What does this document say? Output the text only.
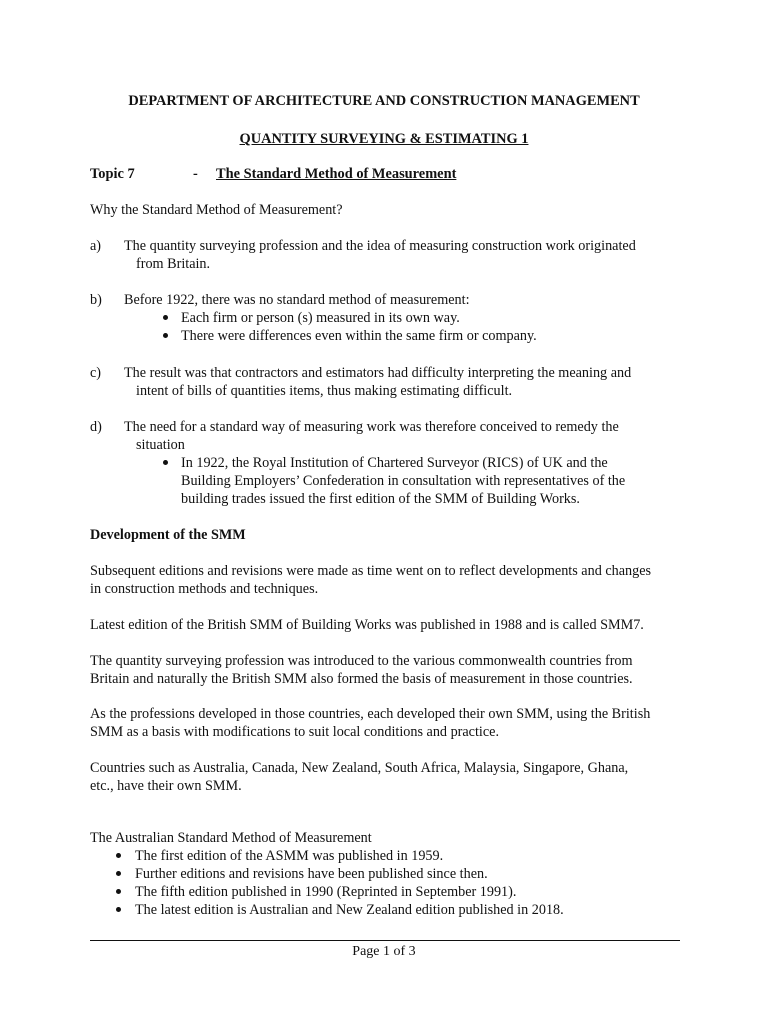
DEPARTMENT OF ARCHITECTURE AND CONSTRUCTION MANAGEMENT
QUANTITY SURVEYING & ESTIMATING 1
Topic 7	- The Standard Method of Measurement
Why the Standard Method of Measurement?
a) The quantity surveying profession and the idea of measuring construction work originated
from Britain.
b) Before 1922, there was no standard method of measurement:
Each firm or person (s) measured in its own way.
There were differences even within the same firm or company.
c) The result was that contractors and estimators had difficulty interpreting the meaning and
intent of bills of quantities items, thus making estimating difficult.
d) The need for a standard way of measuring work was therefore conceived to remedy the
situation
In 1922, the Royal Institution of Chartered Surveyor (RICS) of UK and the
Building Employers’ Confederation in consultation with representatives of the
building trades issued the first edition of the SMM of Building Works.
Development of the SMM
Subsequent editions and revisions were made as time went on to reflect developments and changes
in construction methods and techniques.
Latest edition of the British SMM of Building Works was published in 1988 and is called SMM7.
The quantity surveying profession was introduced to the various commonwealth countries from
Britain and naturally the British SMM also formed the basis of measurement in those countries.
As the professions developed in those countries, each developed their own SMM, using the British
SMM as a basis with modifications to suit local conditions and practice.
Countries such as Australia, Canada, New Zealand, South Africa, Malaysia, Singapore, Ghana,
etc., have their own SMM.
The Australian Standard Method of Measurement
The first edition of the ASMM was published in 1959.
Further editions and revisions have been published since then.
The fifth edition published in 1990 (Reprinted in September 1991).
The latest edition is Australian and New Zealand edition published in 2018.
Page 1 of 3
